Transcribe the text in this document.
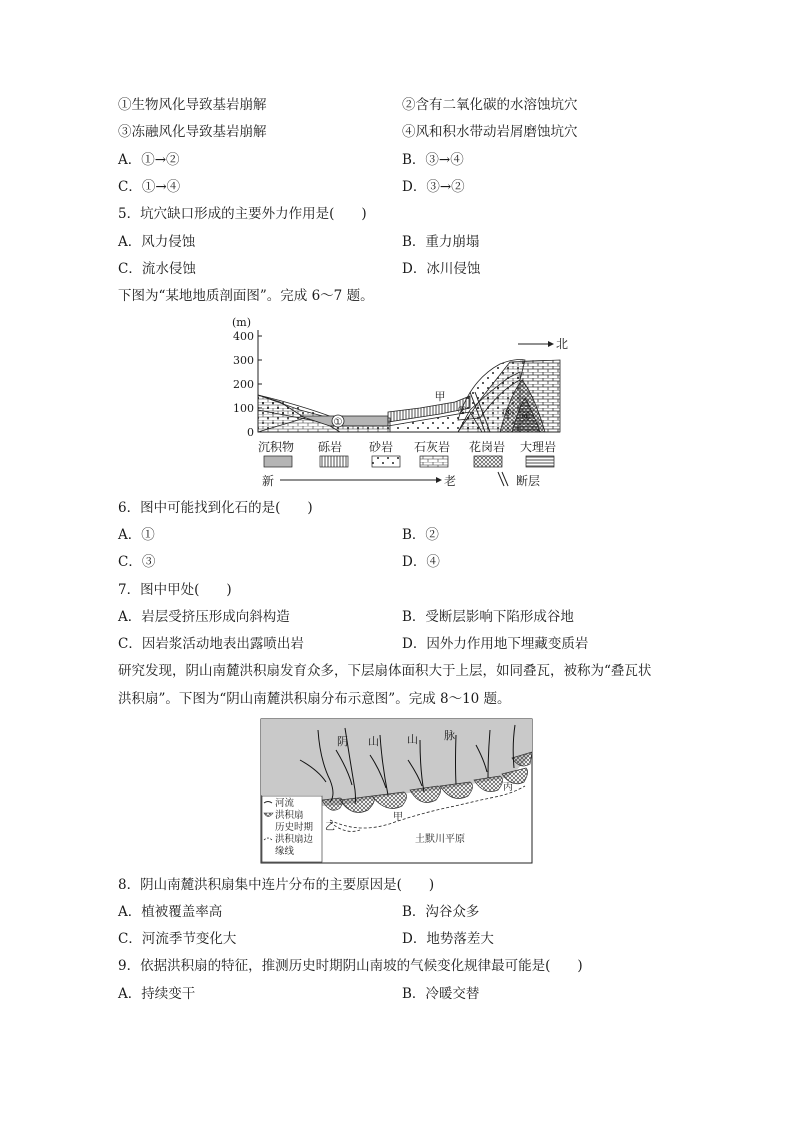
①生物风化导致基岩崩解	②含有二氧化碳的水溶蚀坑穴
③冻融风化导致基岩崩解	④风和积水带动岩屑磨蚀坑穴
A．①→②	B．③→④
C．①→④	D．③→②
5．坑穴缺口形成的主要外力作用是(　　)
A．风力侵蚀	B．重力崩塌
C．流水侵蚀	D．冰川侵蚀
下图为“某地地质剖面图”。完成 6～7 题。
(m)
400
300
200
100
0
①
②	③ ④
甲
北
沉积物 砾岩 砂岩 石灰岩 花岗岩 大理岩
新	老	断层
6．图中可能找到化石的是(　　)
A．①	B．②
C．③	D．④
7．图中甲处(　　)
A．岩层受挤压形成向斜构造	B．受断层影响下陷形成谷地
C．因岩浆活动地表出露喷出岩	D．因外力作用地下埋藏变质岩
研究发现，阴山南麓洪积扇发育众多，下层扇体面积大于上层，如同叠瓦，被称为“叠瓦状
洪积扇”。下图为“阴山南麓洪积扇分布示意图”。完成 8～10 题。
阴 山	山 脉
甲
乙
丙
土默川平原
河流
洪积扇
历史时期
洪积扇边
缘线
8．阴山南麓洪积扇集中连片分布的主要原因是(　　)
A．植被覆盖率高	B．沟谷众多
C．河流季节变化大	D．地势落差大
9．依据洪积扇的特征，推测历史时期阴山南坡的气候变化规律最可能是(　　)
A．持续变干	B．冷暖交替
